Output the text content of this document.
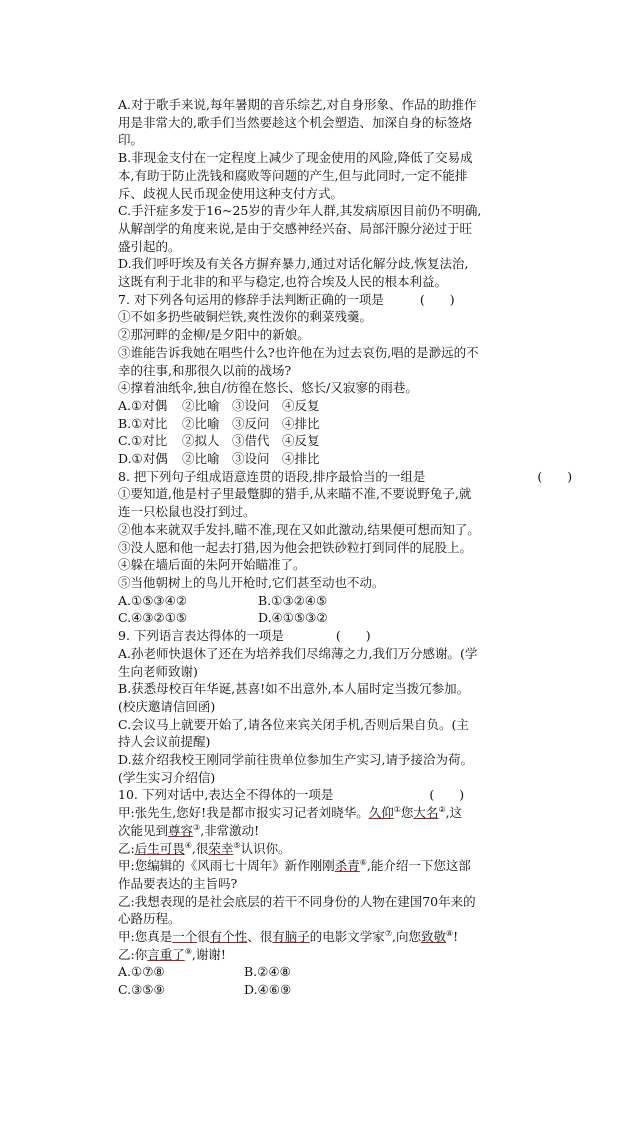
A.对于歌手来说,每年暑期的音乐综艺,对自身形象、作品的助推作

用是非常大的,歌手们当然要趁这个机会塑造、加深自身的标签烙

印。

B.非现金支付在一定程度上减少了现金使用的风险,降低了交易成

本,有助于防止洗钱和腐败等问题的产生,但与此同时,一定不能排

斥、歧视人民币现金使用这种支付方式。

C.手汗症多发于16~25岁的青少年人群,其发病原因目前仍不明确,

从解剖学的角度来说,是由于交感神经兴奋、局部汗腺分泌过于旺

盛引起的。

D.我们呼吁埃及有关各方摒弃暴力,通过对话化解分歧,恢复法治,

这既有利于北非的和平与稳定,也符合埃及人民的根本利益。

7. 对下列各句运用的修辞手法判断正确的一项是	(　　)

①不如多扔些破铜烂铁,爽性泼你的剩菜残羹。

②那河畔的金柳/是夕阳中的新娘。

③谁能告诉我她在唱些什么?也许他在为过去哀伤,唱的是渺远的不

幸的往事,和那很久以前的战场?

④撑着油纸伞,独自/彷徨在悠长、悠长/又寂寥的雨巷。

A.①对偶	②比喻 ③设问 ④反复
B.①对比	②比喻 ③反问 ④排比
C.①对比	②拟人 ③借代 ④反复
D.①对偶	②比喻 ③设问 ④排比

8. 把下列句子组成语意连贯的语段,排序最恰当的一组是	(　　)

①要知道,他是村子里最蹩脚的猎手,从来瞄不准,不要说野兔子,就

连一只松鼠也没打到过。

②他本来就双手发抖,瞄不准,现在又如此激动,结果便可想而知了。

③没人愿和他一起去打猎,因为他会把铁砂粒打到同伴的屁股上。

④躲在墙后面的朱阿开始瞄准了。

⑤当他朝树上的鸟儿开枪时,它们甚至动也不动。

A.①⑤③④②	B.①③②④⑤
C.④③②①⑤	D.④①⑤③②

9. 下列语言表达得体的一项是	(　　)

A.孙老师快退休了还在为培养我们尽绵薄之力,我们万分感谢。(学

生向老师致谢)

B.获悉母校百年华诞,甚喜!如不出意外,本人届时定当拨冗参加。

(校庆邀请信回函)

C.会议马上就要开始了,请各位来宾关闭手机,否则后果自负。(主

持人会议前提醒)

D.兹介绍我校王刚同学前往贵单位参加生产实习,请予接洽为荷。

(学生实习介绍信)

10. 下列对话中,表达全不得体的一项是	(　　)

甲:张先生,您好!我是都市报实习记者刘晓华。久仰①您大名②,这

次能见到尊容③,非常激动!

乙:后生可畏④,很荣幸⑤认识你。

甲:您编辑的《风雨七十周年》新作刚刚杀青⑥,能介绍一下您这部

作品要表达的主旨吗?

乙:我想表现的是社会底层的若干不同身份的人物在建国70年来的

心路历程。

甲:您真是一个很有个性、很有脑子的电影文学家⑦,向您致敬⑧!

乙:你言重了⑨,谢谢!

A.①⑦⑧	B.②④⑧
C.③⑤⑨	D.④⑥⑨
